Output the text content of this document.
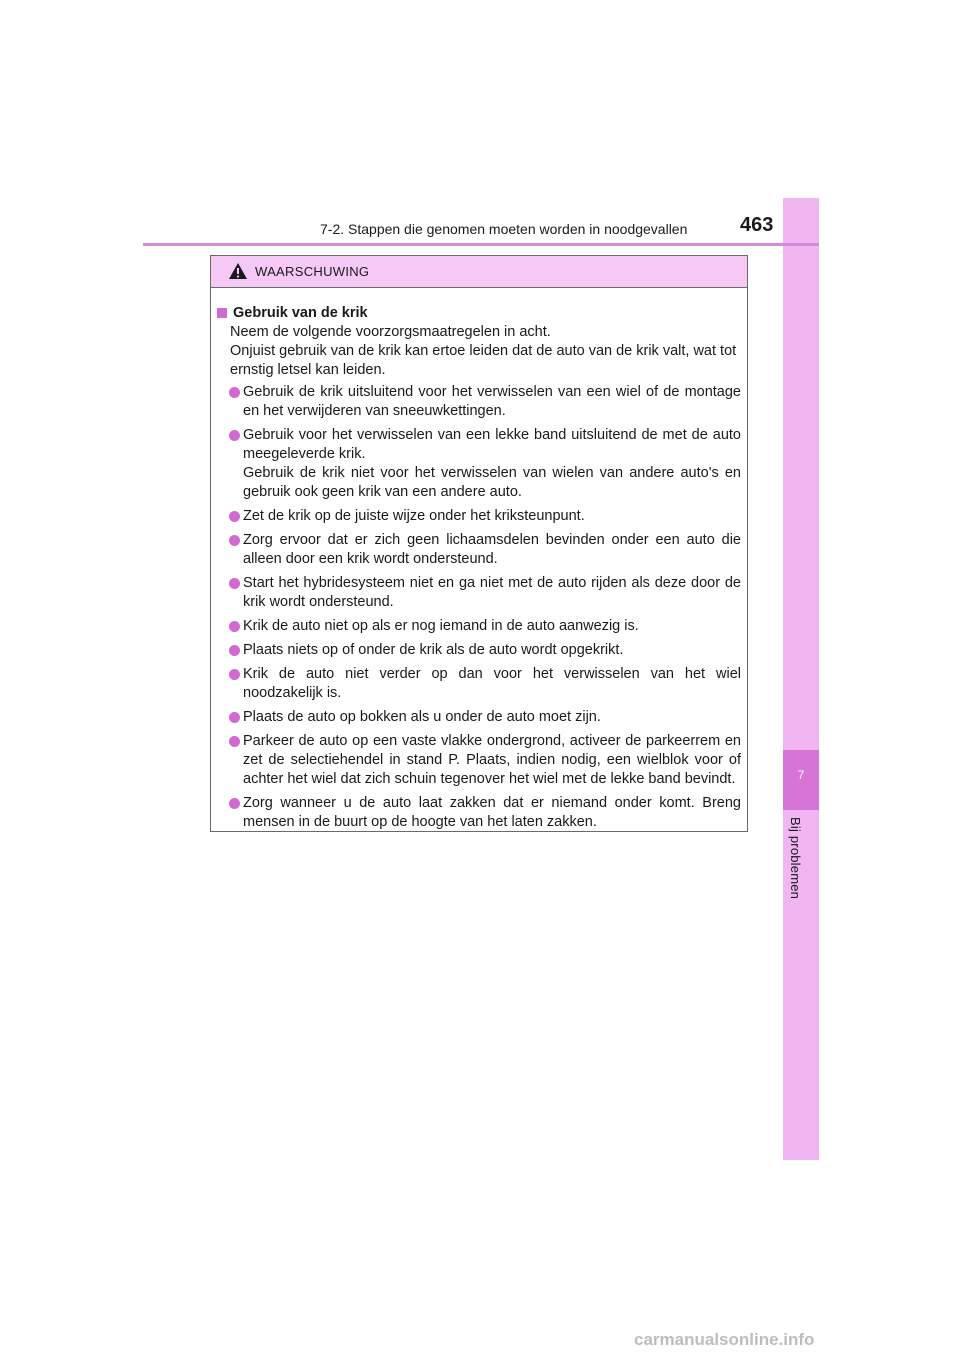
7
Bij problemen
7-2. Stappen die genomen moeten worden in noodgevallen	463
WAARSCHUWING
Gebruik van de krik
Neem de volgende voorzorgsmaatregelen in acht.
Onjuist gebruik van de krik kan ertoe leiden dat de auto van de krik valt, wat tot ernstig letsel kan leiden.
Gebruik de krik uitsluitend voor het verwisselen van een wiel of de montage en het verwijderen van sneeuwkettingen.
Gebruik voor het verwisselen van een lekke band uitsluitend de met de auto meegeleverde krik.
Gebruik de krik niet voor het verwisselen van wielen van andere auto's en gebruik ook geen krik van een andere auto.
Zet de krik op de juiste wijze onder het kriksteunpunt.
Zorg ervoor dat er zich geen lichaamsdelen bevinden onder een auto die alleen door een krik wordt ondersteund.
Start het hybridesysteem niet en ga niet met de auto rijden als deze door de krik wordt ondersteund.
Krik de auto niet op als er nog iemand in de auto aanwezig is.
Plaats niets op of onder de krik als de auto wordt opgekrikt.
Krik de auto niet verder op dan voor het verwisselen van het wiel noodzakelijk is.
Plaats de auto op bokken als u onder de auto moet zijn.
Parkeer de auto op een vaste vlakke ondergrond, activeer de parkeerrem en zet de selectiehendel in stand P. Plaats, indien nodig, een wielblok voor of achter het wiel dat zich schuin tegenover het wiel met de lekke band bevindt.
Zorg wanneer u de auto laat zakken dat er niemand onder komt. Breng mensen in de buurt op de hoogte van het laten zakken.
carmanualsonline.info
